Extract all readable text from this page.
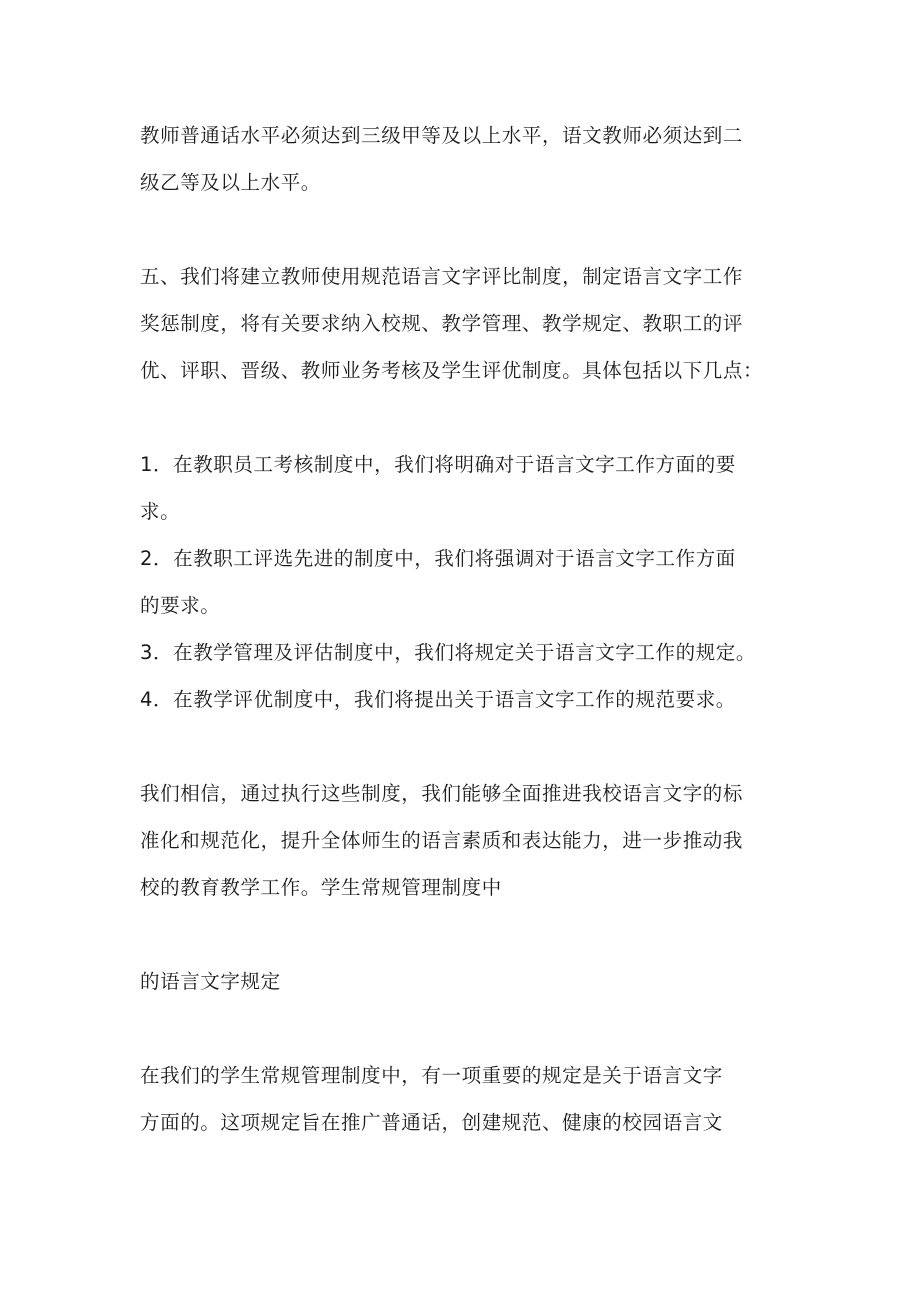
教师普通话水平必须达到三级甲等及以上水平，语文教师必须达到二
级乙等及以上水平。
五、我们将建立教师使用规范语言文字评比制度，制定语言文字工作
奖惩制度，将有关要求纳入校规、教学管理、教学规定、教职工的评
优、评职、晋级、教师业务考核及学生评优制度。具体包括以下几点：
1．在教职员工考核制度中，我们将明确对于语言文字工作方面的要
求。
2．在教职工评选先进的制度中，我们将强调对于语言文字工作方面
的要求。
3．在教学管理及评估制度中，我们将规定关于语言文字工作的规定。
4．在教学评优制度中，我们将提出关于语言文字工作的规范要求。
我们相信，通过执行这些制度，我们能够全面推进我校语言文字的标
准化和规范化，提升全体师生的语言素质和表达能力，进一步推动我
校的教育教学工作。学生常规管理制度中
的语言文字规定
在我们的学生常规管理制度中，有一项重要的规定是关于语言文字
方面的。这项规定旨在推广普通话，创建规范、健康的校园语言文
